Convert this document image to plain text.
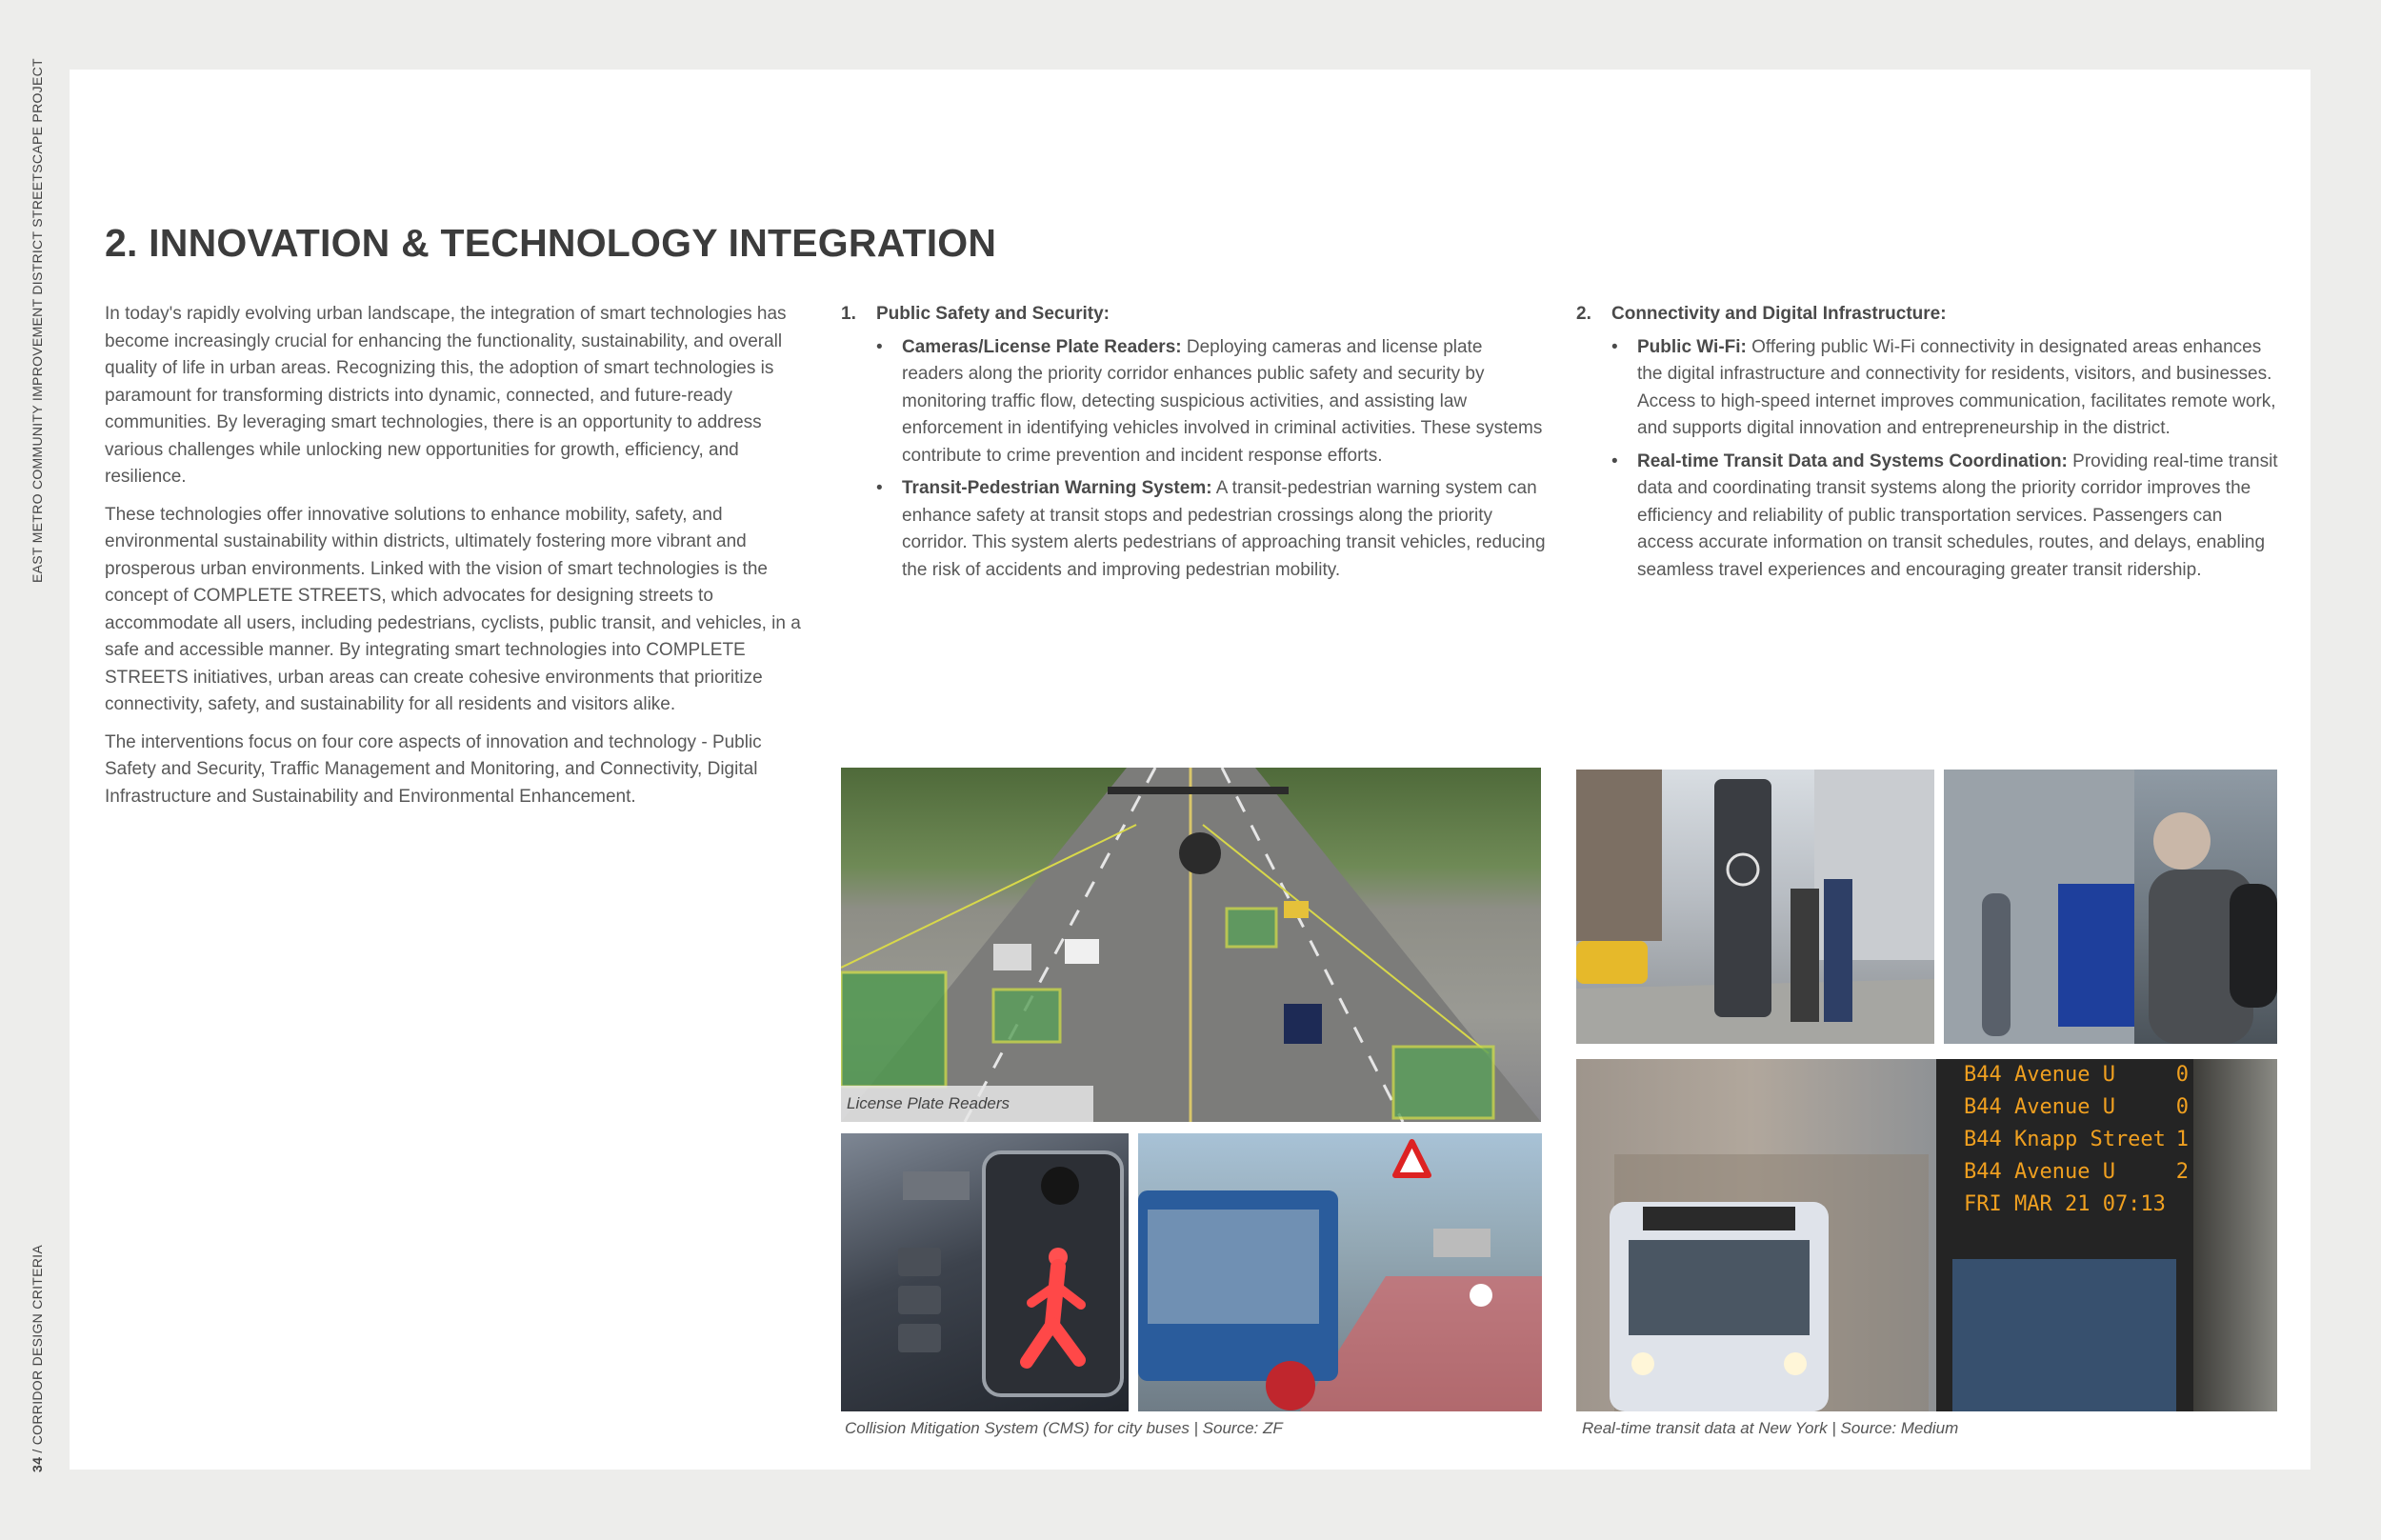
EAST METRO COMMUNITY IMPROVEMENT DISTRICT STREETSCAPE PROJECT
34 / CORRIDOR DESIGN CRITERIA
2. INNOVATION & TECHNOLOGY INTEGRATION

In today's rapidly evolving urban landscape, the integration of smart technologies has become increasingly crucial for enhancing the functionality, sustainability, and overall quality of life in urban areas. Recognizing this, the adoption of smart technologies is paramount for transforming districts into dynamic, connected, and future-ready communities. By leveraging smart technologies, there is an opportunity to address various challenges while unlocking new opportunities for growth, efficiency, and resilience.

These technologies offer innovative solutions to enhance mobility, safety, and environmental sustainability within districts, ultimately fostering more vibrant and prosperous urban environments. Linked with the vision of smart technologies is the concept of COMPLETE STREETS, which advocates for designing streets to accommodate all users, including pedestrians, cyclists, public transit, and vehicles, in a safe and accessible manner. By integrating smart technologies into COMPLETE STREETS initiatives, urban areas can create cohesive environments that prioritize connectivity, safety, and sustainability for all residents and visitors alike.

The interventions focus on four core aspects of innovation and technology - Public Safety and Security, Traffic Management and Monitoring, and Connectivity, Digital Infrastructure and Sustainability and Environmental Enhancement.

1. Public Safety and Security:
• Cameras/License Plate Readers: Deploying cameras and license plate readers along the priority corridor enhances public safety and security by monitoring traffic flow, detecting suspicious activities, and assisting law enforcement in identifying vehicles involved in criminal activities. These systems contribute to crime prevention and incident response efforts.
• Transit-Pedestrian Warning System: A transit-pedestrian warning system can enhance safety at transit stops and pedestrian crossings along the priority corridor. This system alerts pedestrians of approaching transit vehicles, reducing the risk of accidents and improving pedestrian mobility.
2. Connectivity and Digital Infrastructure:
• Public Wi-Fi: Offering public Wi-Fi connectivity in designated areas enhances the digital infrastructure and connectivity for residents, visitors, and businesses. Access to high-speed internet improves communication, facilitates remote work, and supports digital innovation and entrepreneurship in the district.
• Real-time Transit Data and Systems Coordination: Providing real-time transit data and coordinating transit systems along the priority corridor improves the efficiency and reliability of public transportation services. Passengers can access accurate information on transit schedules, routes, and delays, enabling seamless travel experiences and encouraging greater transit ridership.
License Plate Readers
B44 Avenue U	0
B44 Avenue U	0
B44 Knapp Street 1
B44 Avenue U	2
FRI MAR 21 07:13
Collision Mitigation System (CMS) for city buses | Source: ZF	Real-time transit data at New York | Source: Medium
